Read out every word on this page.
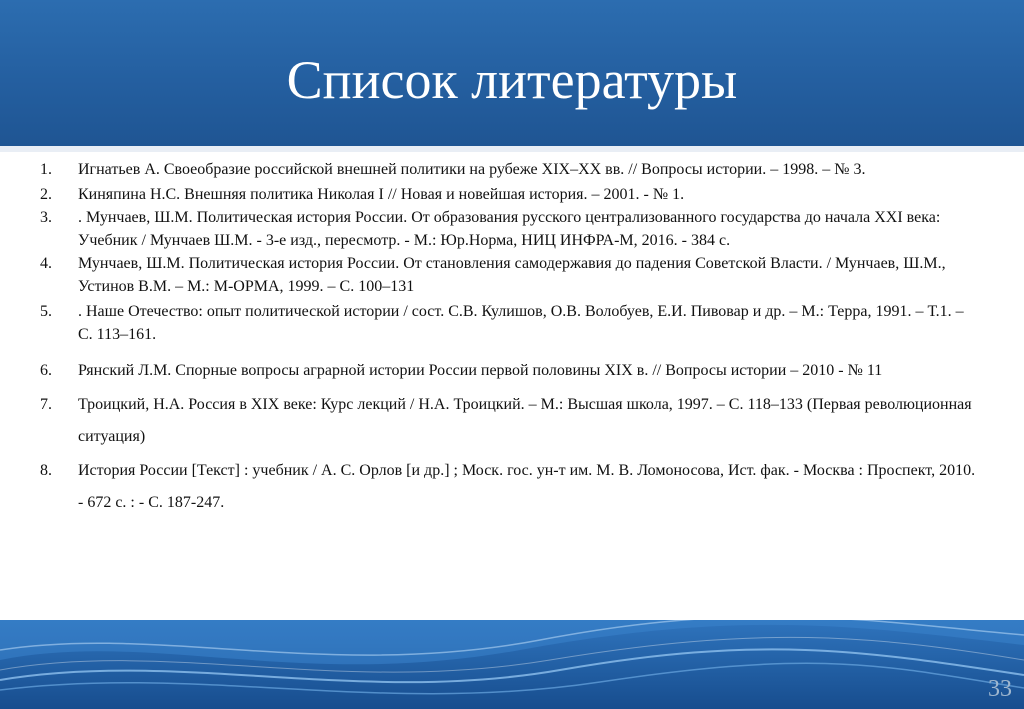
Список литературы
1.	Игнатьев А. Своеобразие российской внешней политики на рубеже XIX–XX вв. // Вопросы истории. – 1998. – № 3.
2.	Киняпина Н.С. Внешняя политика Николая I // Новая и новейшая история. – 2001. - № 1.
3.	. Мунчаев, Ш.М. Политическая история России. От образования русского централизованного государства до начала XXI века: Учебник / Мунчаев Ш.М. - 3-е изд., пересмотр. - М.: Юр.Норма, НИЦ ИНФРА-М, 2016. - 384 с.
4.	Мунчаев, Ш.М. Политическая история России. От становления самодержавия до падения Советской Власти. / Мунчаев, Ш.М., Устинов В.М. – М.: М-ОРМА, 1999. – С. 100–131
5.	. Наше Отечество: опыт политической истории / сост. С.В. Кулишов, О.В. Волобуев, Е.И. Пивовар и др. – М.: Терра, 1991. – Т.1. – С. 113–161.
6.	Рянский Л.М. Спорные вопросы аграрной истории России первой половины XIX в. // Вопросы истории – 2010 - № 11
7.	Троицкий, Н.А. Россия в XIX веке: Курс лекций / Н.А. Троицкий. – М.: Высшая школа, 1997. – С. 118–133 (Первая революционная ситуация)
8.	История России [Текст] : учебник / А. С. Орлов [и др.] ; Моск. гос. ун-т им. М. В. Ломоносова, Ист. фак. - Москва : Проспект, 2010. - 672 с. : - С. 187-247.
33
